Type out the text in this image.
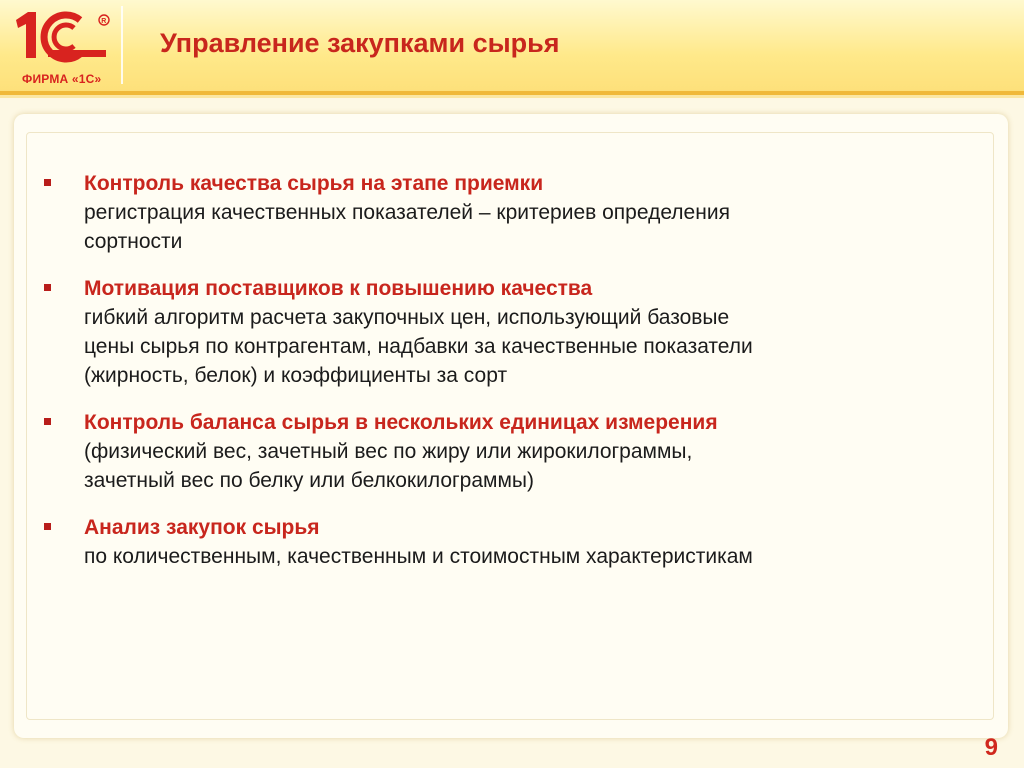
R
ФИРМА «1С»
Управление закупками сырья
Контроль качества сырья на этапе приемки
регистрация качественных показателей – критериев определения
сортности
Мотивация поставщиков к повышению качества
гибкий алгоритм расчета закупочных цен, использующий базовые
цены сырья по контрагентам, надбавки за качественные показатели
(жирность, белок) и коэффициенты за сорт
Контроль баланса сырья в нескольких единицах измерения
(физический вес, зачетный вес по жиру или жирокилограммы,
зачетный вес по белку или белкокилограммы)
Анализ закупок сырья
по количественным, качественным и стоимостным характеристикам
9
